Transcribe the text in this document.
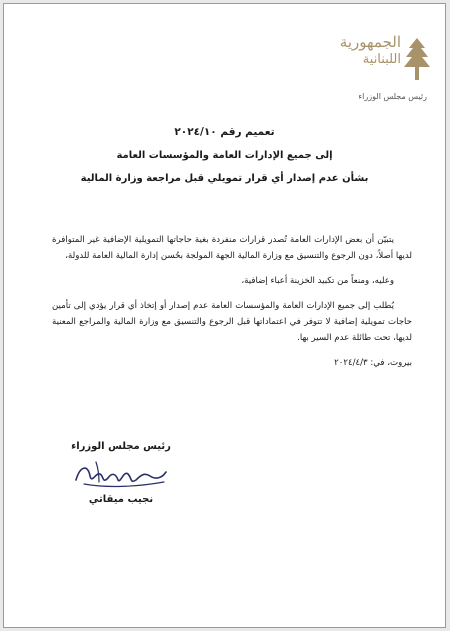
الجمهورية
اللبنانية
رئيس مجلس الوزراء
تعميم رقم ٢٠٢٤/١٠
إلى جميع الإدارات العامة والمؤسسات العامة
بشأن عدم إصدار أي قرار تمويلي قبل مراجعة وزارة المالية

يتبيّن أن بعض الإدارات العامة تُصدر قرارات منفردة بغية حاجاتها التمويلية الإضافية غير المتوافرة لديها أصلاً، دون الرجوع والتنسيق مع وزارة المالية الجهة المولجة بحُسن إدارة المالية العامة للدولة،

وعليه، ومنعاً من تكبيد الخزينة أعباء إضافية،

يُطلب إلى جميع الإدارات العامة والمؤسسات العامة عدم إصدار أو إتخاذ أي قرار يؤدي إلى تأمين حاجات تمويلية إضافية لا تتوفر في اعتماداتها قبل الرجوع والتنسيق مع وزارة المالية والمراجع المعنية لديها، تحت طائلة عدم السير بها.

بيروت، في: ٢٠٢٤/٤/٣

رئيس مجلس الوزراء
نجيب ميقاتي
